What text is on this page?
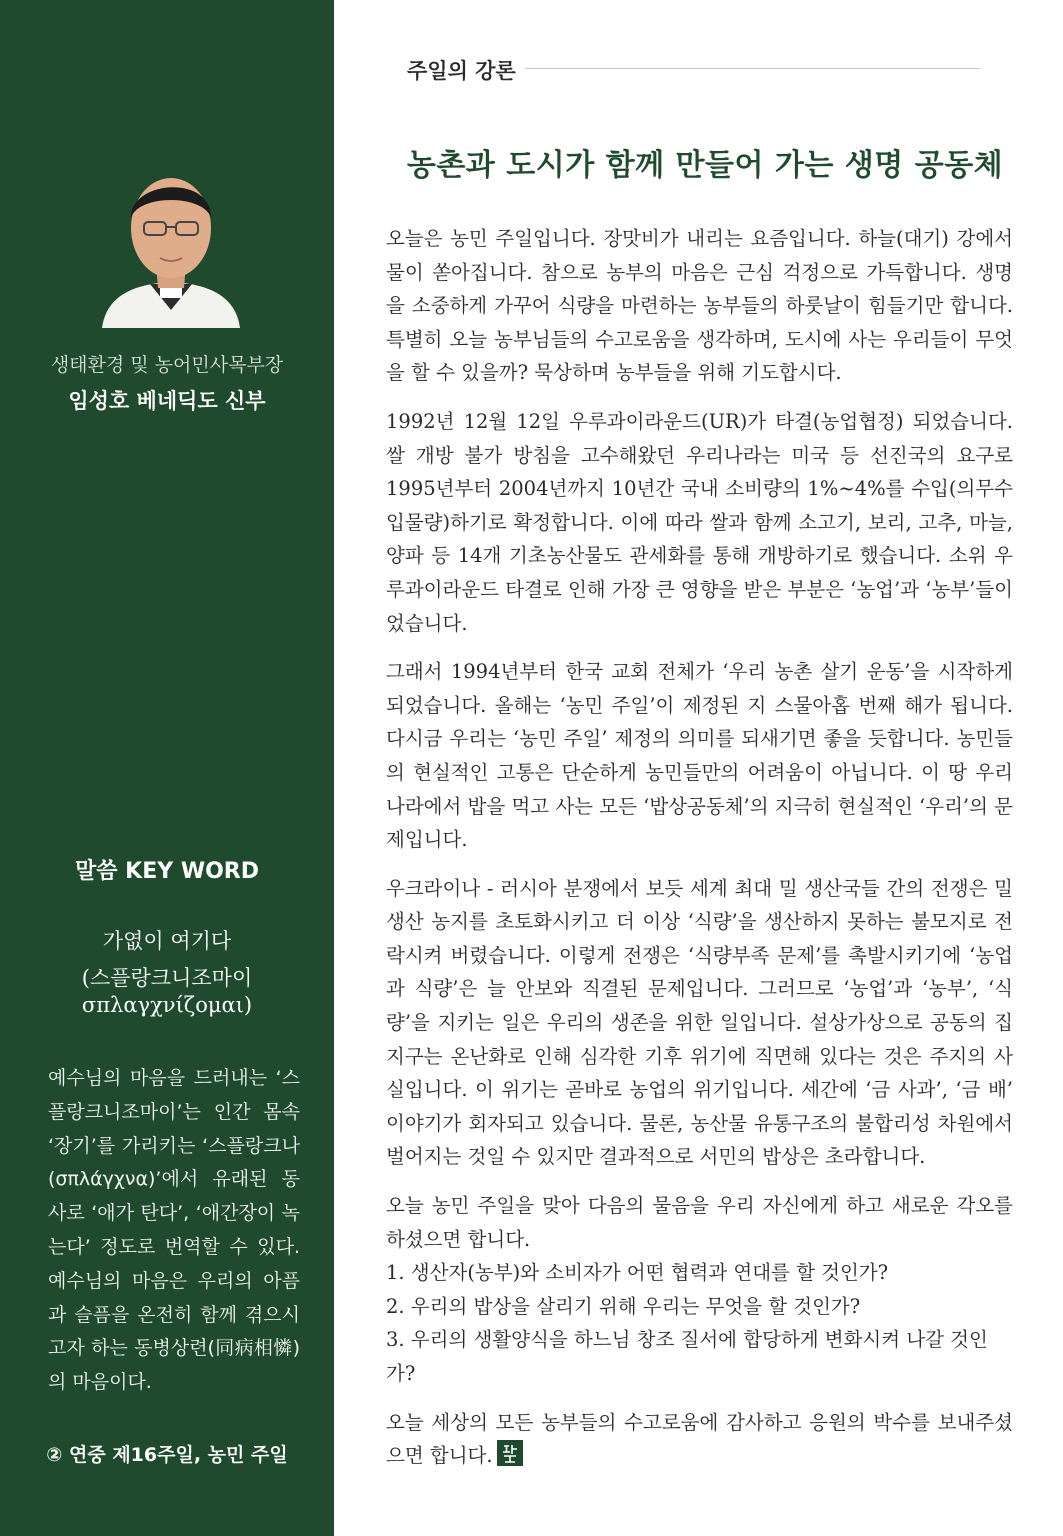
생태환경 및 농어민사목부장
임성호 베네딕도 신부
말씀 KEY WORD
가엾이 여기다
(스플랑크니조마이
σπλαγχνίζομαι)
예수님의 마음을 드러내는 ‘스플랑크니조마이’는 인간 몸속 ‘장기’를 가리키는 ‘스플랑크나(σπλάγχνα)’에서 유래된 동사로 ‘애가 탄다’, ‘애간장이 녹는다’ 정도로 번역할 수 있다. 예수님의 마음은 우리의 아픔과 슬픔을 온전히 함께 겪으시고자 하는 동병상련(同病相憐)의 마음이다.
② 연중 제16주일, 농민 주일
주일의 강론
농촌과 도시가 함께 만들어 가는 생명 공동체

오늘은 농민 주일입니다. 장맛비가 내리는 요즘입니다. 하늘(대기) 강에서 물이 쏟아집니다. 참으로 농부의 마음은 근심 걱정으로 가득합니다. 생명을 소중하게 가꾸어 식량을 마련하는 농부들의 하룻날이 힘들기만 합니다. 특별히 오늘 농부님들의 수고로움을 생각하며, 도시에 사는 우리들이 무엇을 할 수 있을까? 묵상하며 농부들을 위해 기도합시다.

1992년 12월 12일 우루과이라운드(UR)가 타결(농업협정) 되었습니다. 쌀 개방 불가 방침을 고수해왔던 우리나라는 미국 등 선진국의 요구로 1995년부터 2004년까지 10년간 국내 소비량의 1%~4%를 수입(의무수입물량)하기로 확정합니다. 이에 따라 쌀과 함께 소고기, 보리, 고추, 마늘, 양파 등 14개 기초농산물도 관세화를 통해 개방하기로 했습니다. 소위 우루과이라운드 타결로 인해 가장 큰 영향을 받은 부분은 ‘농업’과 ‘농부’들이었습니다.

그래서 1994년부터 한국 교회 전체가 ‘우리 농촌 살기 운동’을 시작하게 되었습니다. 올해는 ‘농민 주일’이 제정된 지 스물아홉 번째 해가 됩니다. 다시금 우리는 ‘농민 주일’ 제정의 의미를 되새기면 좋을 듯합니다. 농민들의 현실적인 고통은 단순하게 농민들만의 어려움이 아닙니다. 이 땅 우리나라에서 밥을 먹고 사는 모든 ‘밥상공동체’의 지극히 현실적인 ‘우리’의 문제입니다.

우크라이나 - 러시아 분쟁에서 보듯 세계 최대 밀 생산국들 간의 전쟁은 밀 생산 농지를 초토화시키고 더 이상 ‘식량’을 생산하지 못하는 불모지로 전락시켜 버렸습니다. 이렇게 전쟁은 ‘식량부족 문제’를 촉발시키기에 ‘농업과 식량’은 늘 안보와 직결된 문제입니다. 그러므로 ‘농업’과 ‘농부’, ‘식량’을 지키는 일은 우리의 생존을 위한 일입니다. 설상가상으로 공동의 집 지구는 온난화로 인해 심각한 기후 위기에 직면해 있다는 것은 주지의 사실입니다. 이 위기는 곧바로 농업의 위기입니다. 세간에 ‘금 사과’, ‘금 배’ 이야기가 회자되고 있습니다. 물론, 농산물 유통구조의 불합리성 차원에서 벌어지는 것일 수 있지만 결과적으로 서민의 밥상은 초라합니다.

오늘 농민 주일을 맞아 다음의 물음을 우리 자신에게 하고 새로운 각오를 하셨으면 합니다.

1. 생산자(농부)와 소비자가 어떤 협력과 연대를 할 것인가?

2. 우리의 밥상을 살리기 위해 우리는 무엇을 할 것인가?

3. 우리의 생활양식을 하느님 창조 질서에 합당하게 변화시켜 나갈 것인가?

오늘 세상의 모든 농부들의 수고로움에 감사하고 응원의 박수를 보내주셨으면 합니다.
